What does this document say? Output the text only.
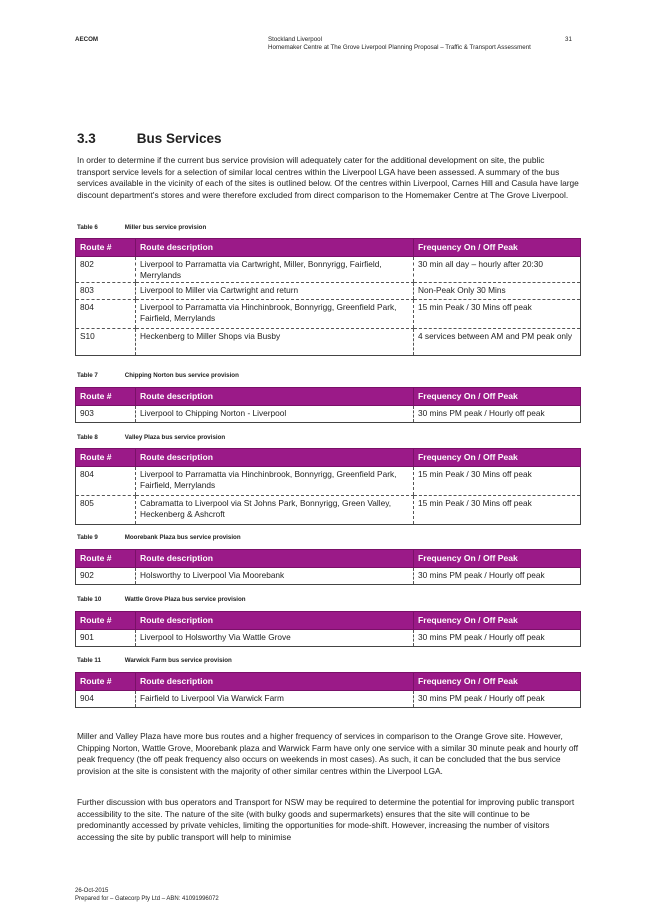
AECOM	Stockland Liverpool
Homemaker Centre at The Grove Liverpool Planning Proposal – Traffic & Transport Assessment
31
3.3	Bus Services
In order to determine if the current bus service provision will adequately cater for the additional development on site, the public transport service levels for a selection of similar local centres within the Liverpool LGA have been assessed. A summary of the bus services available in the vicinity of each of the sites is outlined below. Of the centres within Liverpool, Carnes Hill and Casula have large discount department's stores and were therefore excluded from direct comparison to the Homemaker Centre at The Grove Liverpool.
Table 6	Miller bus service provision
Route #	Route description	Frequency On / Off Peak
802	Liverpool to Parramatta via Cartwright, Miller, Bonnyrigg, Fairfield, Merrylands	30 min all day – hourly after 20:30
803	Liverpool to Miller via Cartwright and return	Non-Peak Only 30 Mins
804	Liverpool to Parramatta via Hinchinbrook, Bonnyrigg, Greenfield Park, Fairfield, Merrylands	15 min Peak / 30 Mins off peak
S10	Heckenberg to Miller Shops via Busby	4 services between AM and PM peak only
Table 7	Chipping Norton bus service provision
Route #	Route description	Frequency On / Off Peak
903	Liverpool to Chipping Norton - Liverpool	30 mins PM peak / Hourly off peak
Table 8	Valley Plaza bus service provision
Route #	Route description	Frequency On / Off Peak
804	Liverpool to Parramatta via Hinchinbrook, Bonnyrigg, Greenfield Park, Fairfield, Merrylands	15 min Peak / 30 Mins off peak
805	Cabramatta to Liverpool via St Johns Park, Bonnyrigg, Green Valley, Heckenberg & Ashcroft	15 min Peak / 30 Mins off peak
Table 9	Moorebank Plaza bus service provision
Route #	Route description	Frequency On / Off Peak
902	Holsworthy to Liverpool Via Moorebank	30 mins PM peak / Hourly off peak
Table 10	Wattle Grove Plaza bus service provision
Route #	Route description	Frequency On / Off Peak
901	Liverpool to Holsworthy Via Wattle Grove	30 mins PM peak / Hourly off peak
Table 11	Warwick Farm bus service provision
Route #	Route description	Frequency On / Off Peak
904	Fairfield to Liverpool Via Warwick Farm	30 mins PM peak / Hourly off peak
Miller and Valley Plaza have more bus routes and a higher frequency of services in comparison to the Orange Grove site. However, Chipping Norton, Wattle Grove, Moorebank plaza and Warwick Farm have only one service with a similar 30 minute peak and hourly off peak frequency (the off peak frequency also occurs on weekends in most cases). As such, it can be concluded that the bus service provision at the site is consistent with the majority of other similar centres within the Liverpool LGA.
Further discussion with bus operators and Transport for NSW may be required to determine the potential for improving public transport accessibility to the site. The nature of the site (with bulky goods and supermarkets) ensures that the site will continue to be predominantly accessed by private vehicles, limiting the opportunities for mode-shift. However, increasing the number of visitors accessing the site by public transport will help to minimise
26-Oct-2015
Prepared for – Gatecorp Pty Ltd – ABN: 41091996072
